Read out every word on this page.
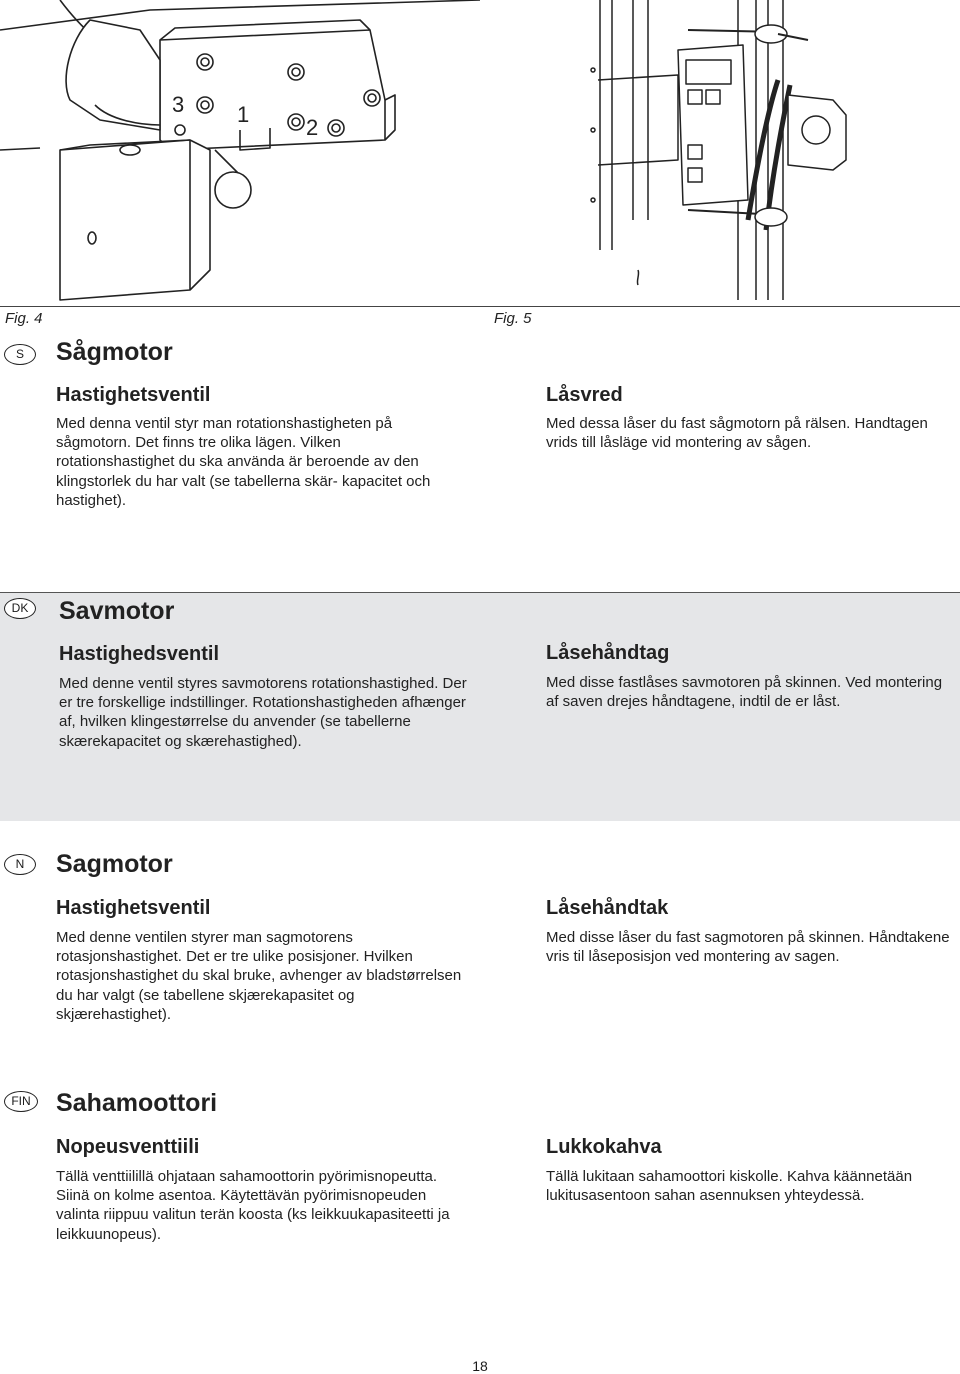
3 1
2
Fig. 4	Fig. 5
S	Sågmotor
Hastighetsventil
Med denna ventil styr man rotationshastigheten på sågmotorn. Det finns tre olika lägen. Vilken rotationshastighet du ska använda är beroende av den klingstorlek du har valt (se tabellerna skär- kapacitet och hastighet).
Låsvred
Med dessa låser du fast sågmotorn på rälsen. Handtagen vrids till låsläge vid montering av sågen.
DK	Savmotor
Hastighedsventil
Med denne ventil styres savmotorens rotationshastighed. Der er tre forskellige indstillinger. Rotationshastigheden afhænger af, hvilken klingestørrelse du anvender (se tabellerne skærekapacitet og skærehastighed).
Låsehåndtag
Med disse fastlåses savmotoren på skinnen. Ved montering af saven drejes håndtagene, indtil de er låst.
N	Sagmotor
Hastighetsventil
Med denne ventilen styrer man sagmotorens rotasjonshastighet. Det er tre ulike posisjoner. Hvilken rotasjonshastighet du skal bruke, avhenger av bladstørrelsen du har valgt (se tabellene skjærekapasitet og skjærehastighet).
Låsehåndtak
Med disse låser du fast sagmotoren på skinnen. Håndtakene vris til låseposisjon ved montering av sagen.
FIN Sahamoottori
Nopeusventtiili
Tällä venttiilillä ohjataan sahamoottorin pyörimisnopeutta. Siinä on kolme asentoa. Käytettävän pyörimisnopeuden valinta riippuu valitun terän koosta (ks leikkuukapasiteetti ja leikkuunopeus).
Lukkokahva
Tällä lukitaan sahamoottori kiskolle. Kahva käännetään lukitusasentoon sahan asennuksen yhteydessä.
18
